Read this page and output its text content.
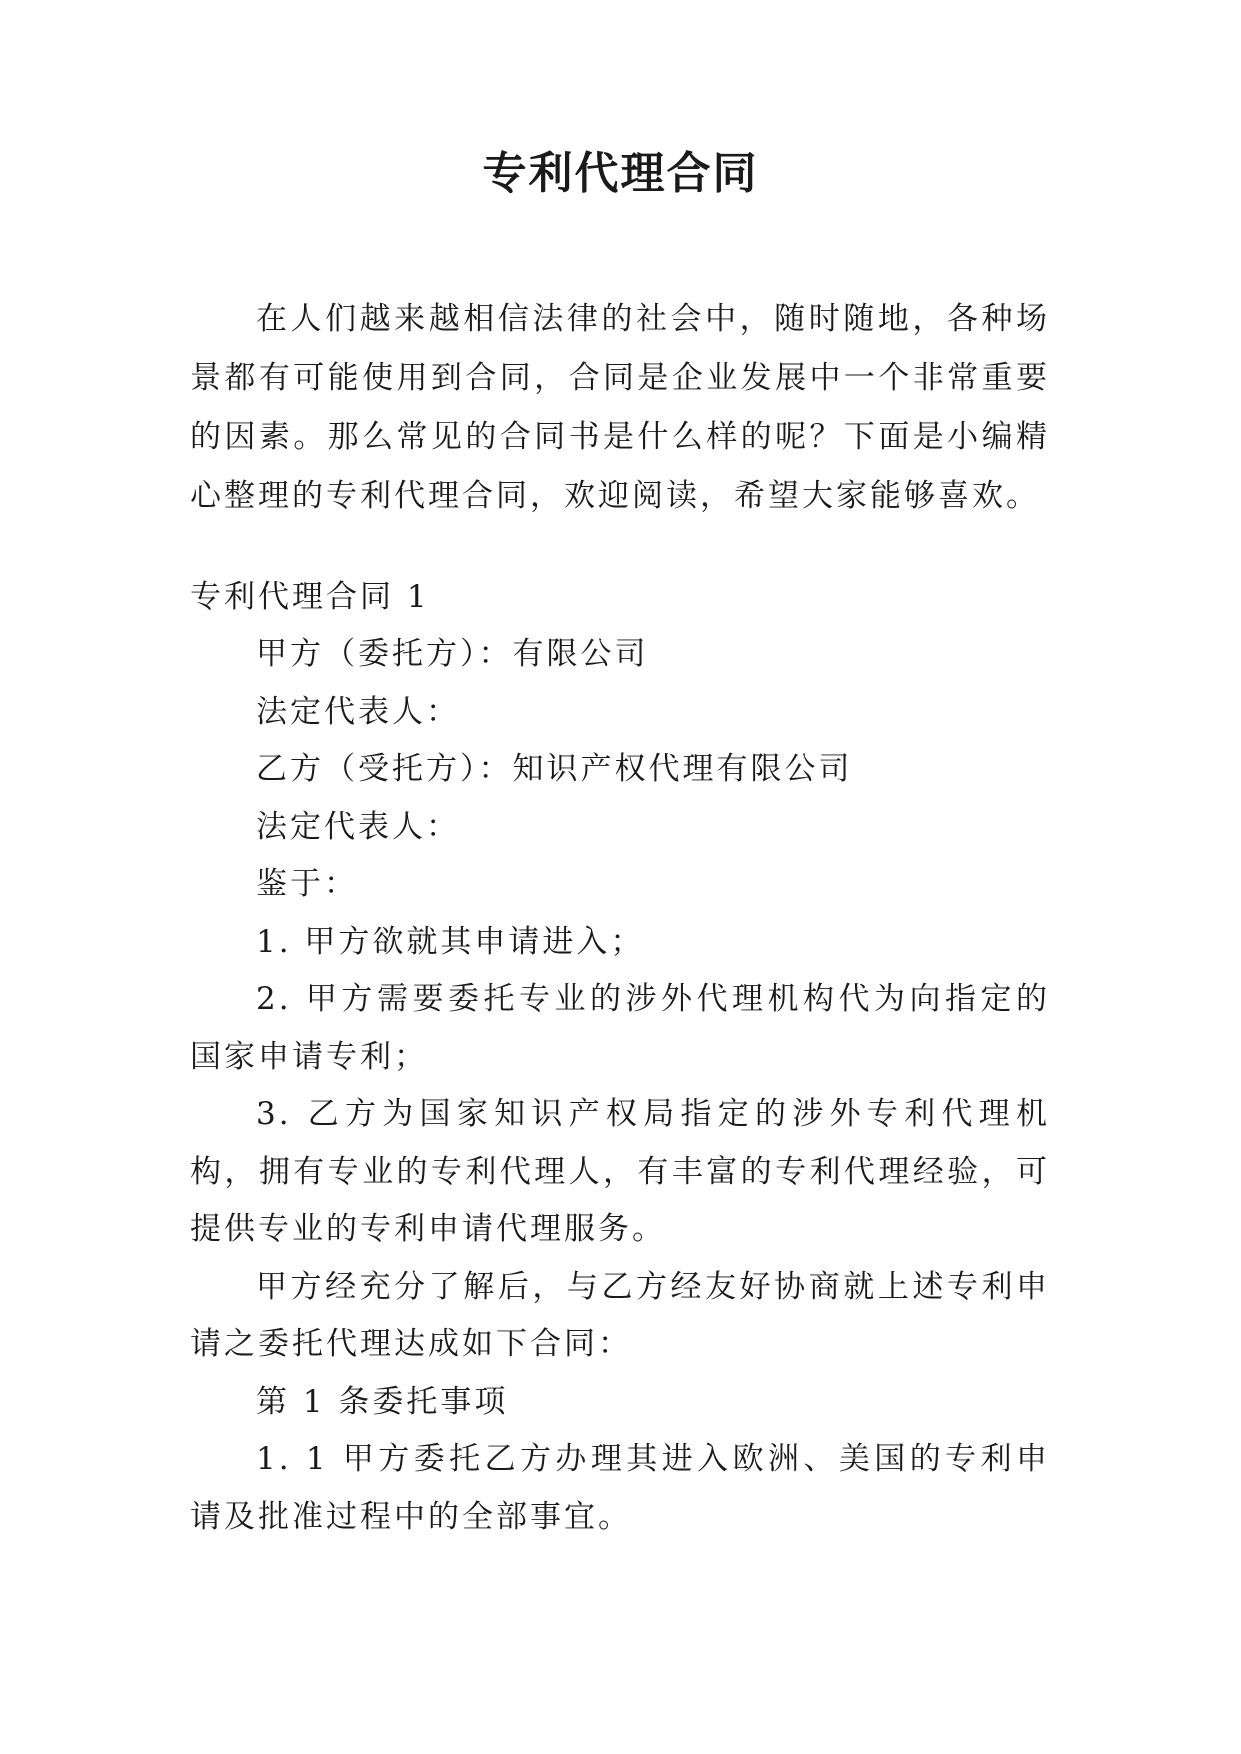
专利代理合同

在人们越来越相信法律的社会中，随时随地，各种场景都有可能使用到合同，合同是企业发展中一个非常重要的因素。那么常见的合同书是什么样的呢？下面是小编精心整理的专利代理合同，欢迎阅读，希望大家能够喜欢。

专利代理合同 1

甲方（委托方）：有限公司

法定代表人：

乙方（受托方）：知识产权代理有限公司

法定代表人：

鉴于：

1. 甲方欲就其申请进入；

2. 甲方需要委托专业的涉外代理机构代为向指定的国家申请专利；

3. 乙方为国家知识产权局指定的涉外专利代理机构，拥有专业的专利代理人，有丰富的专利代理经验，可提供专业的专利申请代理服务。

甲方经充分了解后，与乙方经友好协商就上述专利申请之委托代理达成如下合同：

第 1 条委托事项

1. 1 甲方委托乙方办理其进入欧洲、美国的专利申请及批准过程中的全部事宜。
